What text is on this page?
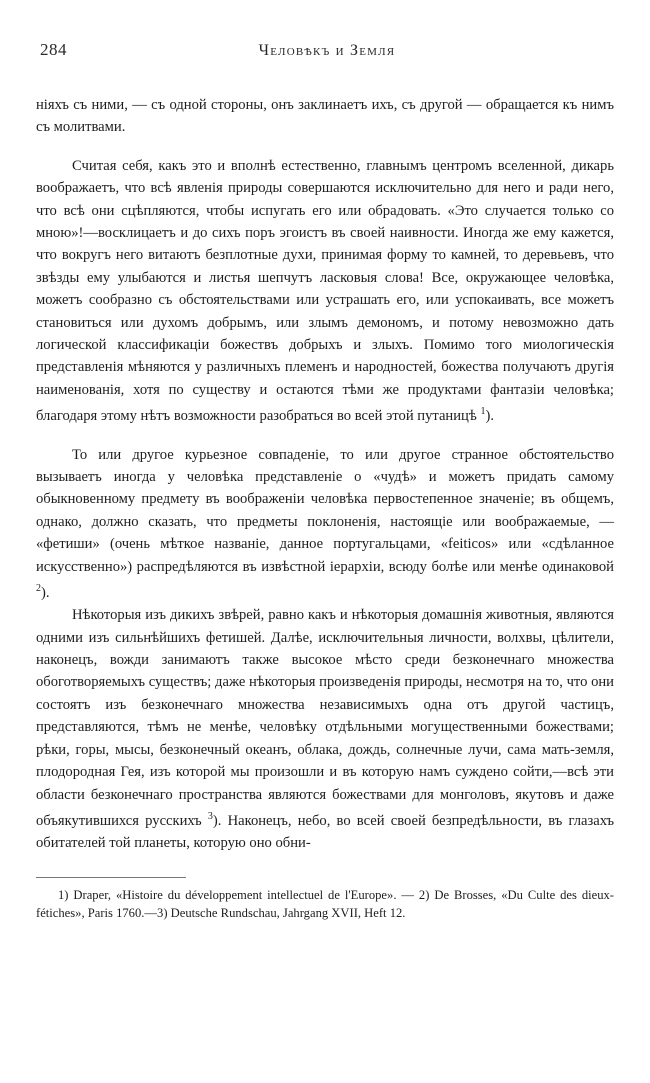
284	Человѣкъ и Земля

ніяхъ съ ними, — съ одной стороны, онъ заклинаетъ ихъ, съ другой — обращается къ нимъ съ молитвами.

Считая себя, какъ это и вполнѣ естественно, главнымъ центромъ вселенной, дикарь воображаетъ, что всѣ явленія природы совершаются исключительно для него и ради него, что всѣ они сцѣпляются, чтобы испугать его или обрадовать. «Это случается только со мною»!—восклицаетъ и до сихъ поръ эгоистъ въ своей наивности. Иногда же ему кажется, что вокругъ него витаютъ безплотные духи, принимая форму то камней, то деревьевъ, что звѣзды ему улыбаются и листья шепчутъ ласковыя слова! Все, окружающее человѣка, можетъ сообразно съ обстоятельствами или устрашать его, или успокаивать, все можетъ становиться или духомъ добрымъ, или злымъ демономъ, и потому невозможно дать логической классификаціи божествъ добрыхъ и злыхъ. Помимо того миологическія представленія мѣняются у различныхъ племенъ и народностей, божества получаютъ другія наименованія, хотя по существу и остаются тѣми же продуктами фантазіи человѣка; благодаря этому нѣтъ возможности разобраться во всей этой путаницѣ $^1$).

То или другое курьезное совпаденіе, то или другое странное обстоятельство вызываетъ иногда у человѣка представленіе о «чудѣ» и можетъ придать самому обыкновенному предмету въ воображеніи человѣка первостепенное значеніе; въ общемъ, однако, должно сказать, что предметы поклоненія, настоящіе или воображаемые, — «фетиши» (очень мѣткое названіе, данное португальцами, «feiticos» или «сдѣланное искусственно») распредѣляются въ извѣстной іерархіи, всюду болѣе или менѣе одинаковой $^2$).

Нѣкоторыя изъ дикихъ звѣрей, равно какъ и нѣкоторыя домашнія животныя, являются одними изъ сильнѣйшихъ фетишей. Далѣе, исключительныя личности, волхвы, цѣлители, наконецъ, вожди занимаютъ также высокое мѣсто среди безконечнаго множества обоготворяемыхъ существъ; даже нѣкоторыя произведенія природы, несмотря на то, что они состоятъ изъ безконечнаго множества независимыхъ одна отъ другой частицъ, представляются, тѣмъ не менѣе, человѣку отдѣльными могущественными божествами; рѣки, горы, мысы, безконечный океанъ, облака, дождь, солнечные лучи, сама мать-земля, плодородная Гея, изъ которой мы произошли и въ которую намъ суждено сойти,—всѣ эти области безконечнаго пространства являются божествами для монголовъ, якутовъ и даже объякутившихся русскихъ $^3$). Наконецъ, небо, во всей своей безпредѣльности, въ глазахъ обитателей той планеты, которую оно обни-

1) Draper, «Histoire du développement intellectuel de l'Europe». — 2) De Brosses, «Du Culte des dieux-fétiches», Paris 1760.—3) Deutsche Rundschau, Jahrgang XVII, Heft 12.
